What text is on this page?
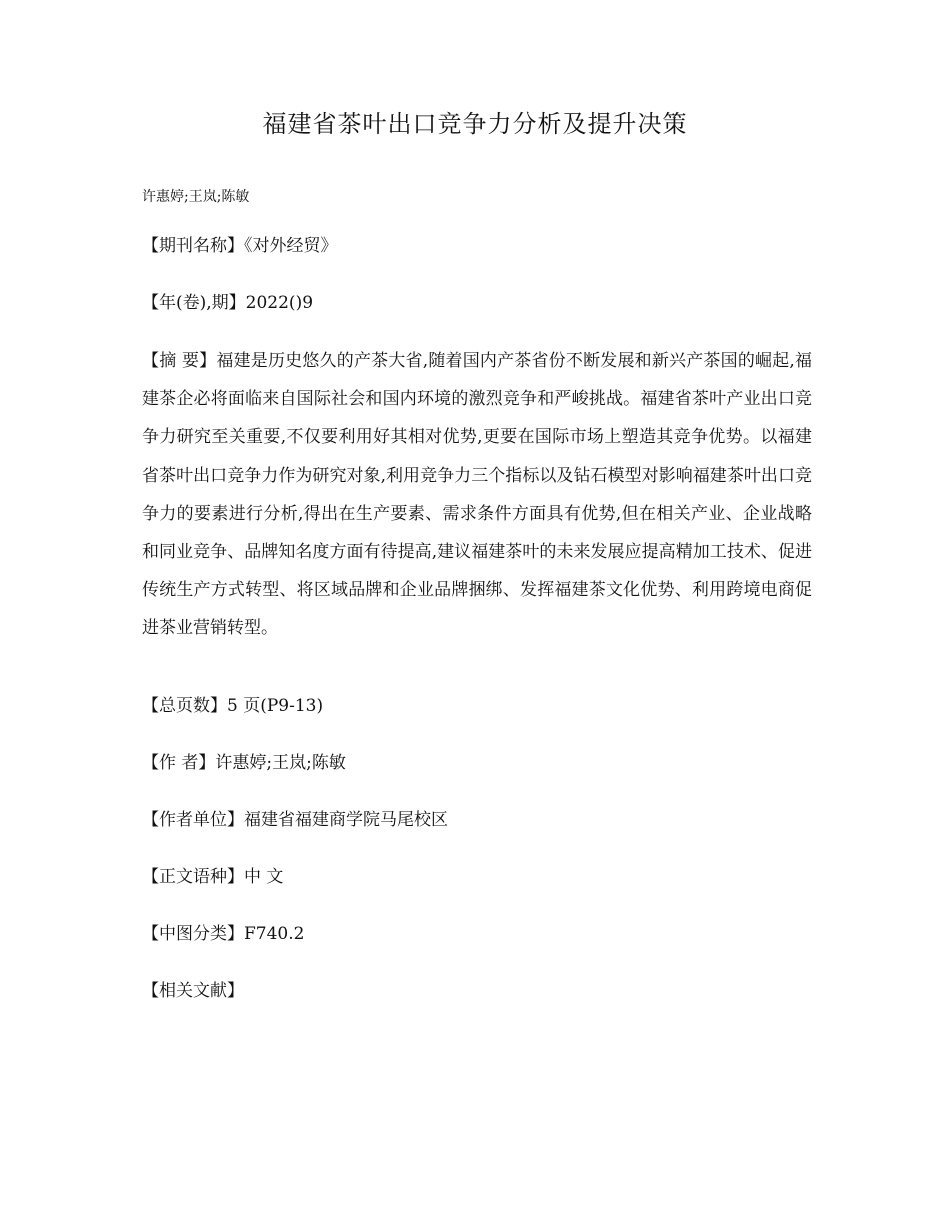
福建省茶叶出口竞争力分析及提升决策
许惠婷;王岚;陈敏
【期刊名称】《对外经贸》
【年(卷),期】2022()9
【摘 要】福建是历史悠久的产茶大省,随着国内产茶省份不断发展和新兴产茶国的崛起,福建茶企必将面临来自国际社会和国内环境的激烈竞争和严峻挑战。福建省茶叶产业出口竞争力研究至关重要,不仅要利用好其相对优势,更要在国际市场上塑造其竞争优势。以福建省茶叶出口竞争力作为研究对象,利用竞争力三个指标以及钻石模型对影响福建茶叶出口竞争力的要素进行分析,得出在生产要素、需求条件方面具有优势,但在相关产业、企业战略和同业竞争、品牌知名度方面有待提高,建议福建茶叶的未来发展应提高精加工技术、促进传统生产方式转型、将区域品牌和企业品牌捆绑、发挥福建茶文化优势、利用跨境电商促进茶业营销转型。
【总页数】5 页(P9-13)
【作 者】许惠婷;王岚;陈敏
【作者单位】福建省福建商学院马尾校区
【正文语种】中 文
【中图分类】F740.2
【相关文献】
